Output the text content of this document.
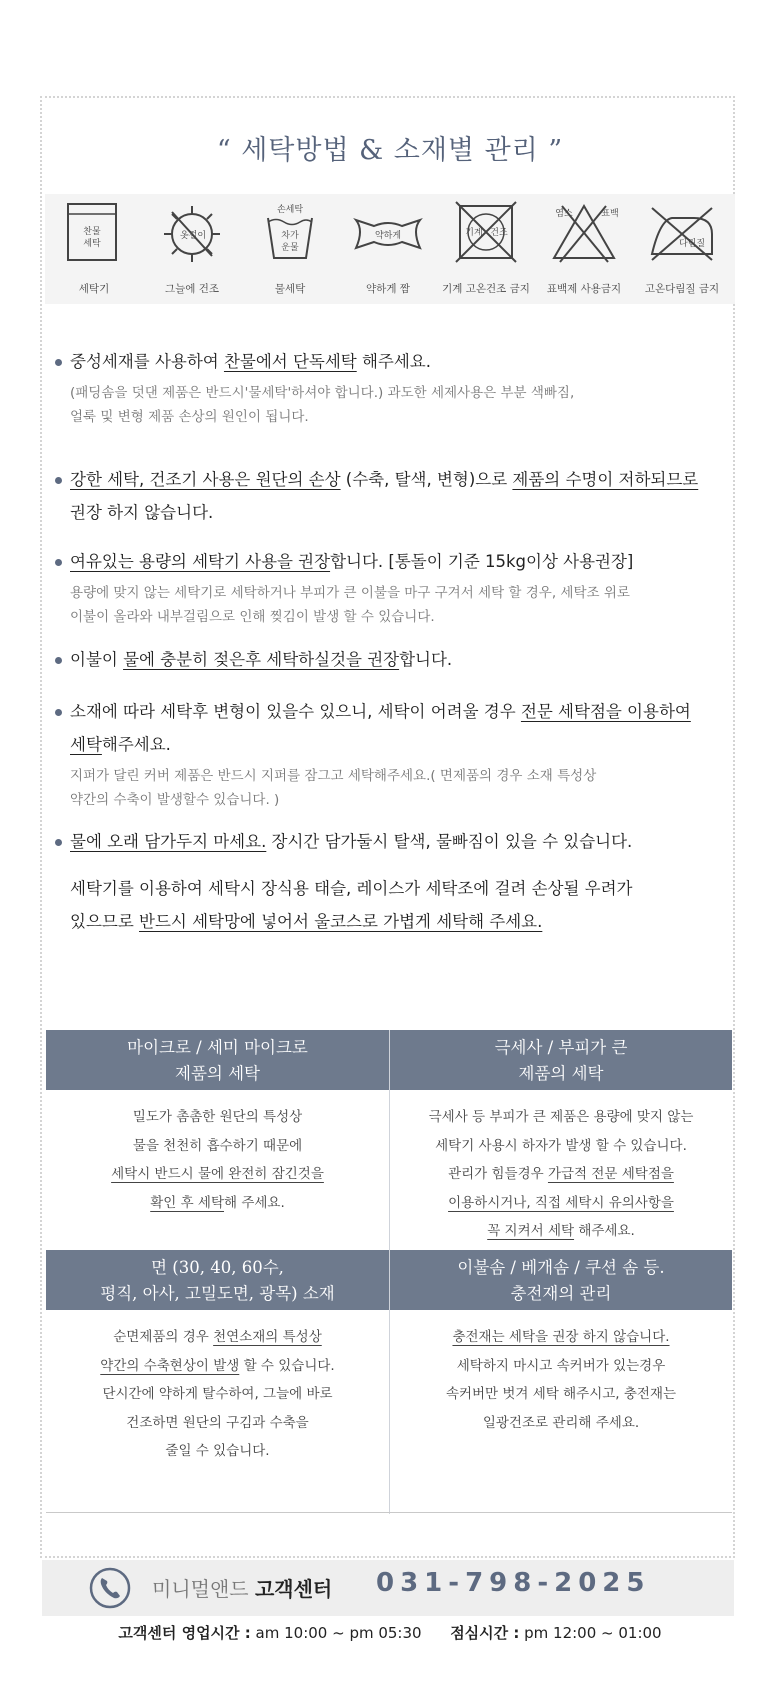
“ 세탁방법 & 소재별 관리 ”
찬물
세탁
세탁기
옷걸이
그늘에 건조
손세탁
차가
운물
물세탁
약하게
약하게 짬
기계 건조
기계 고온건조 금지
염소	표백
표백제 사용금지
다림질
고온다림질 금지

중성세재를 사용하여 찬물에서 단독세탁 해주세요.

(패딩솜을 덧댄 제품은 반드시'물세탁'하셔야 합니다.) 과도한 세제사용은 부분 색빠짐,

얼룩 및 변형 제품 손상의 원인이 됩니다.

강한 세탁, 건조기 사용은 원단의 손상 (수축, 탈색, 변형)으로 제품의 수명이 저하되므로

권장 하지 않습니다.

여유있는 용량의 세탁기 사용을 권장합니다. [통돌이 기준 15kg이상 사용권장]

용량에 맞지 않는 세탁기로 세탁하거나 부피가 큰 이불을 마구 구겨서 세탁 할 경우, 세탁조 위로

이불이 올라와 내부걸림으로 인해 찢김이 발생 할 수 있습니다.

이불이 물에 충분히 젖은후 세탁하실것을 권장합니다.

소재에 따라 세탁후 변형이 있을수 있으니, 세탁이 어려울 경우 전문 세탁점을 이용하여

세탁해주세요.

지퍼가 달린 커버 제품은 반드시 지퍼를 잠그고 세탁해주세요.( 면제품의 경우 소재 특성상

약간의 수축이 발생할수 있습니다. )

물에 오래 담가두지 마세요. 장시간 담가둘시 탈색, 물빠짐이 있을 수 있습니다.

세탁기를 이용하여 세탁시 장식용 태슬, 레이스가 세탁조에 걸려 손상될 우려가

있으므로 반드시 세탁망에 넣어서 울코스로 가볍게 세탁해 주세요.

마이크로 / 세미 마이크로
제품의 세탁
극세사 / 부피가 큰
제품의 세탁
밀도가 촘촘한 원단의 특성상
물을 천천히 흡수하기 때문에
세탁시 반드시 물에 완전히 잠긴것을
확인 후 세탁해 주세요.
극세사 등 부피가 큰 제품은 용량에 맞지 않는
세탁기 사용시 하자가 발생 할 수 있습니다.
관리가 힘들경우 가급적 전문 세탁점을
이용하시거나, 직접 세탁시 유의사항을
꼭 지켜서 세탁 해주세요.
면 (30, 40, 60수,
평직, 아사, 고밀도면, 광목) 소재
이불솜 / 베개솜 / 쿠션 솜 등.
충전재의 관리
순면제품의 경우 천연소재의 특성상
약간의 수축현상이 발생 할 수 있습니다.
단시간에 약하게 탈수하여, 그늘에 바로
건조하면 원단의 구김과 수축을
줄일 수 있습니다.
충전재는 세탁을 권장 하지 않습니다.
세탁하지 마시고 속커버가 있는경우
속커버만 벗겨 세탁 해주시고, 충전재는
일광건조로 관리해 주세요.
미니멀앤드 고객센터 031-798-2025
고객센터 영업시간 : am 10:00 ~ pm 05:30      점심시간 : pm 12:00 ~ 01:00
